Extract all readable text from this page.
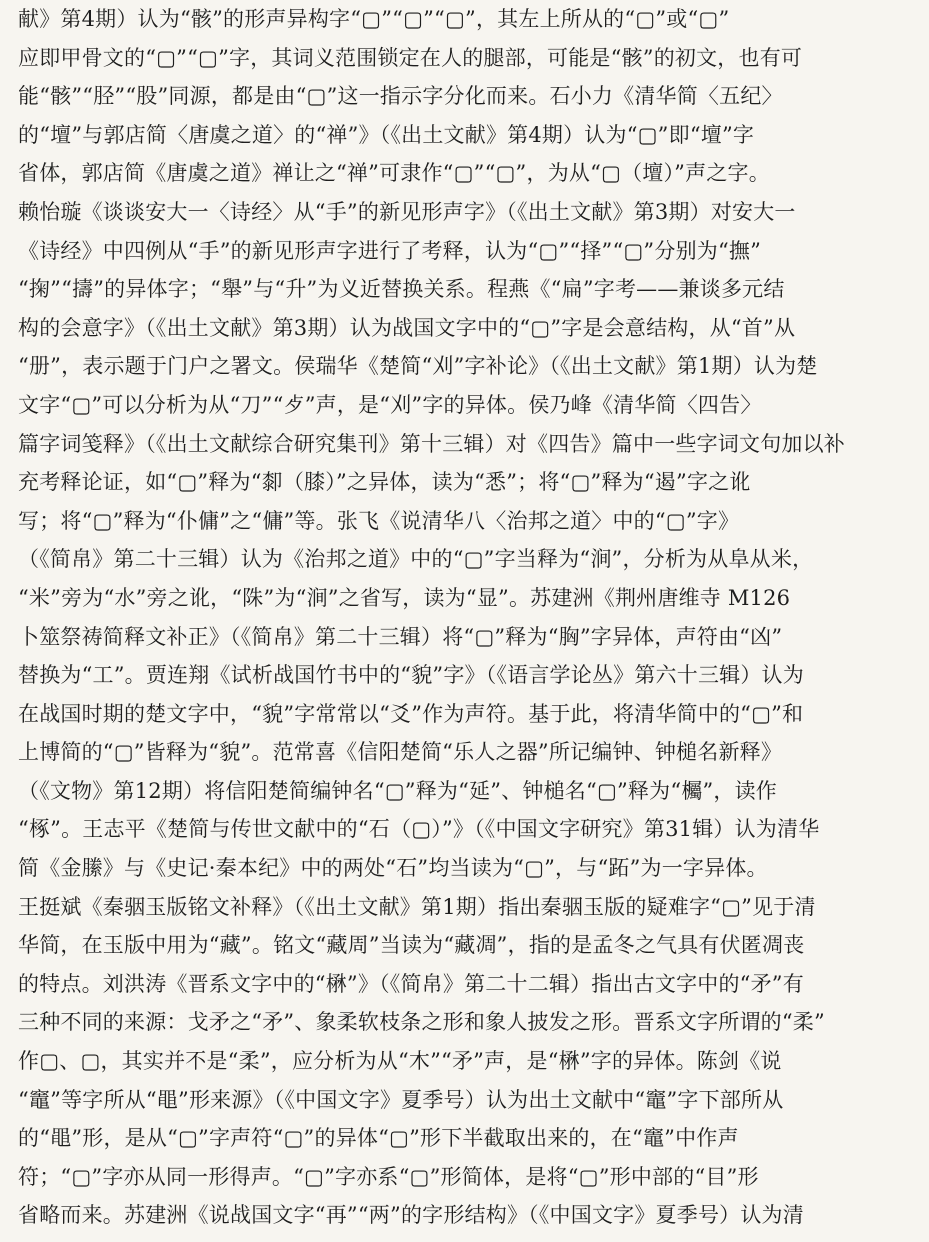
献》第4期）认为“骸”的形声异构字“▢”“▢”“▢”，其左上所从的“▢”或“▢”
应即甲骨文的“▢”“▢”字，其词义范围锁定在人的腿部，可能是“骸”的初文，也有可
能“骸”“胫”“股”同源，都是由“▢”这一指示字分化而来。石小力《清华简〈五纪〉
的“壇”与郭店简〈唐虞之道〉的“禅”》（《出土文献》第4期）认为“▢”即“壇”字
省体，郭店简《唐虞之道》禅让之“禅”可隶作“▢”“▢”，为从“▢（壇）”声之字。
赖怡璇《谈谈安大一〈诗经〉从“手”的新见形声字》（《出土文献》第3期）对安大一
《诗经》中四例从“手”的新见形声字进行了考释，认为“▢”“择”“▢”分别为“撫”
“掬”“擣”的异体字；“舉”与“升”为义近替换关系。程燕《“扁”字考——兼谈多元结
构的会意字》（《出土文献》第3期）认为战国文字中的“▢”字是会意结构，从“首”从
“册”，表示题于门户之署文。侯瑞华《楚简“刈”字补论》（《出土文献》第1期）认为楚
文字“▢”可以分析为从“刀”“歺”声，是“刈”字的异体。侯乃峰《清华简〈四告〉
篇字词笺释》（《出土文献综合研究集刊》第十三辑）对《四告》篇中一些字词文句加以补
充考释论证，如“▢”释为“厀（膝）”之异体，读为“悉”；将“▢”释为“遏”字之讹
写；将“▢”释为“仆傭”之“傭”等。张飞《说清华八〈治邦之道〉中的“▢”字》
（《简帛》第二十三辑）认为《治邦之道》中的“▢”字当释为“涧”，分析为从阜从米，
“米”旁为“水”旁之讹，“陎”为“涧”之省写，读为“显”。苏建洲《荆州唐维寺 M126
卜筮祭祷简释文补正》（《简帛》第二十三辑）将“▢”释为“胸”字异体，声符由“凶”
替换为“工”。贾连翔《试析战国竹书中的“貌”字》（《语言学论丛》第六十三辑）认为
在战国时期的楚文字中，“貌”字常常以“爻”作为声符。基于此，将清华简中的“▢”和
上博简的“▢”皆释为“貌”。范常喜《信阳楚简“乐人之器”所记编钟、钟槌名新释》
（《文物》第12期）将信阳楚简编钟名“▢”释为“延”、钟槌名“▢”释为“欘”，读作
“椓”。王志平《楚简与传世文献中的“石（▢）”》（《中国文字研究》第31辑）认为清华
简《金縢》与《史记·秦本纪》中的两处“石”均当读为“▢”，与“跖”为一字异体。
王挺斌《秦骃玉版铭文补释》（《出土文献》第1期）指出秦骃玉版的疑难字“▢”见于清
华简，在玉版中用为“藏”。铭文“藏周”当读为“藏凋”，指的是孟冬之气具有伏匿凋丧
的特点。刘洪涛《晋系文字中的“楙”》（《简帛》第二十二辑）指出古文字中的“矛”有
三种不同的来源：戈矛之“矛”、象柔软枝条之形和象人披发之形。晋系文字所谓的“柔”
作▢、▢，其实并不是“柔”，应分析为从“木”“矛”声，是“楙”字的异体。陈剑《说
“竈”等字所从“黽”形来源》（《中国文字》夏季号）认为出土文献中“竈”字下部所从
的“黽”形，是从“▢”字声符“▢”的异体“▢”形下半截取出来的，在“竈”中作声
符；“▢”字亦从同一形得声。“▢”字亦系“▢”形简体，是将“▢”形中部的“目”形
省略而来。苏建洲《说战国文字“再”“两”的字形结构》（《中国文字》夏季号）认为清
